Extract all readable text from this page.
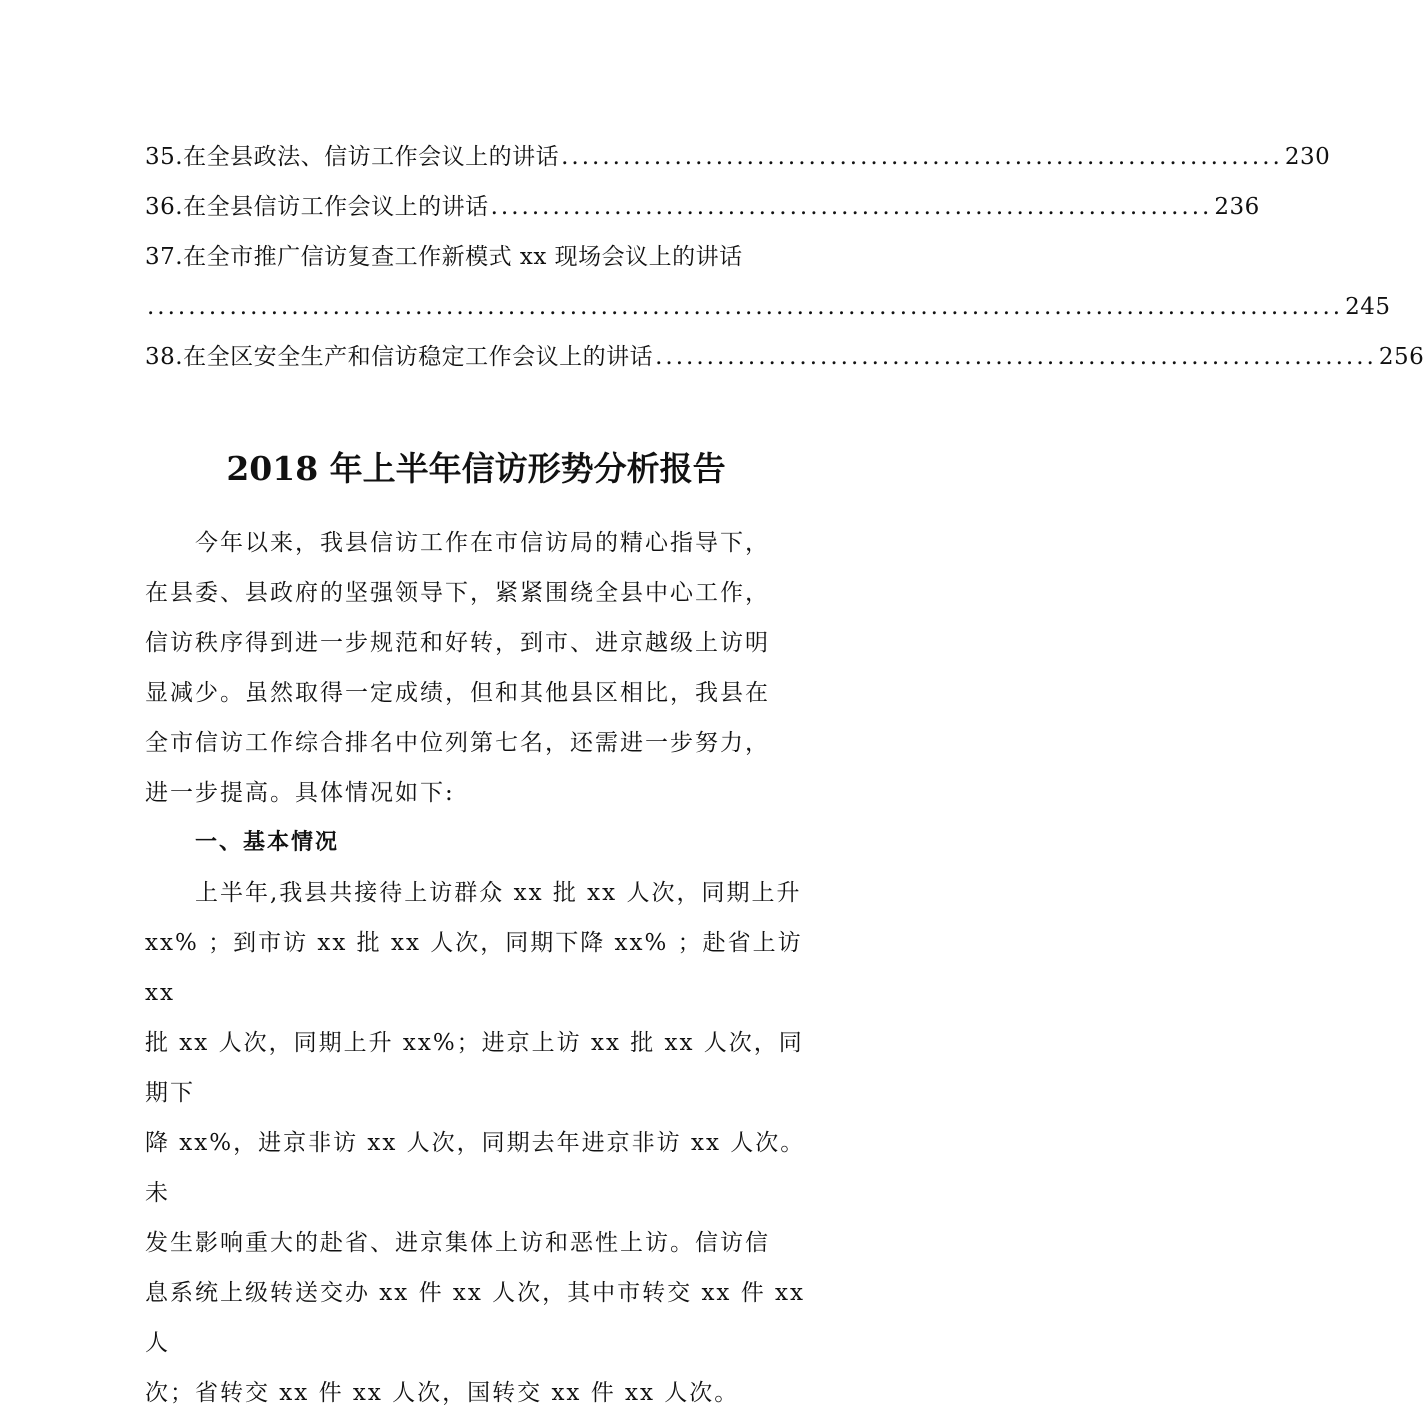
35.在全县政法、信访工作会议上的讲话 ...................................................................... 230
36.在全县信访工作会议上的讲话 ...................................................................... 236
37.在全市推广信访复查工作新模式 xx 现场会议上的讲话
.................................................................................................................... 245
38.在全区安全生产和信访稳定工作会议上的讲话 ...................................................................... 256
2018 年上半年信访形势分析报告
今年以来，我县信访工作在市信访局的精心指导下，
在县委、县政府的坚强领导下，紧紧围绕全县中心工作，
信访秩序得到进一步规范和好转，到市、进京越级上访明
显减少。虽然取得一定成绩，但和其他县区相比，我县在
全市信访工作综合排名中位列第七名，还需进一步努力，
进一步提高。具体情况如下:
一、基本情况
上半年,我县共接待上访群众 xx 批 xx 人次，同期上升
xx% ；到市访 xx 批 xx 人次，同期下降 xx% ；赴省上访 xx
批 xx 人次，同期上升 xx%；进京上访 xx 批 xx 人次，同期下
降 xx%，进京非访 xx 人次，同期去年进京非访 xx 人次。未
发生影响重大的赴省、进京集体上访和恶性上访。信访信
息系统上级转送交办 xx 件 xx 人次，其中市转交 xx 件 xx 人
次；省转交 xx 件 xx 人次，国转交 xx 件 xx 人次。
